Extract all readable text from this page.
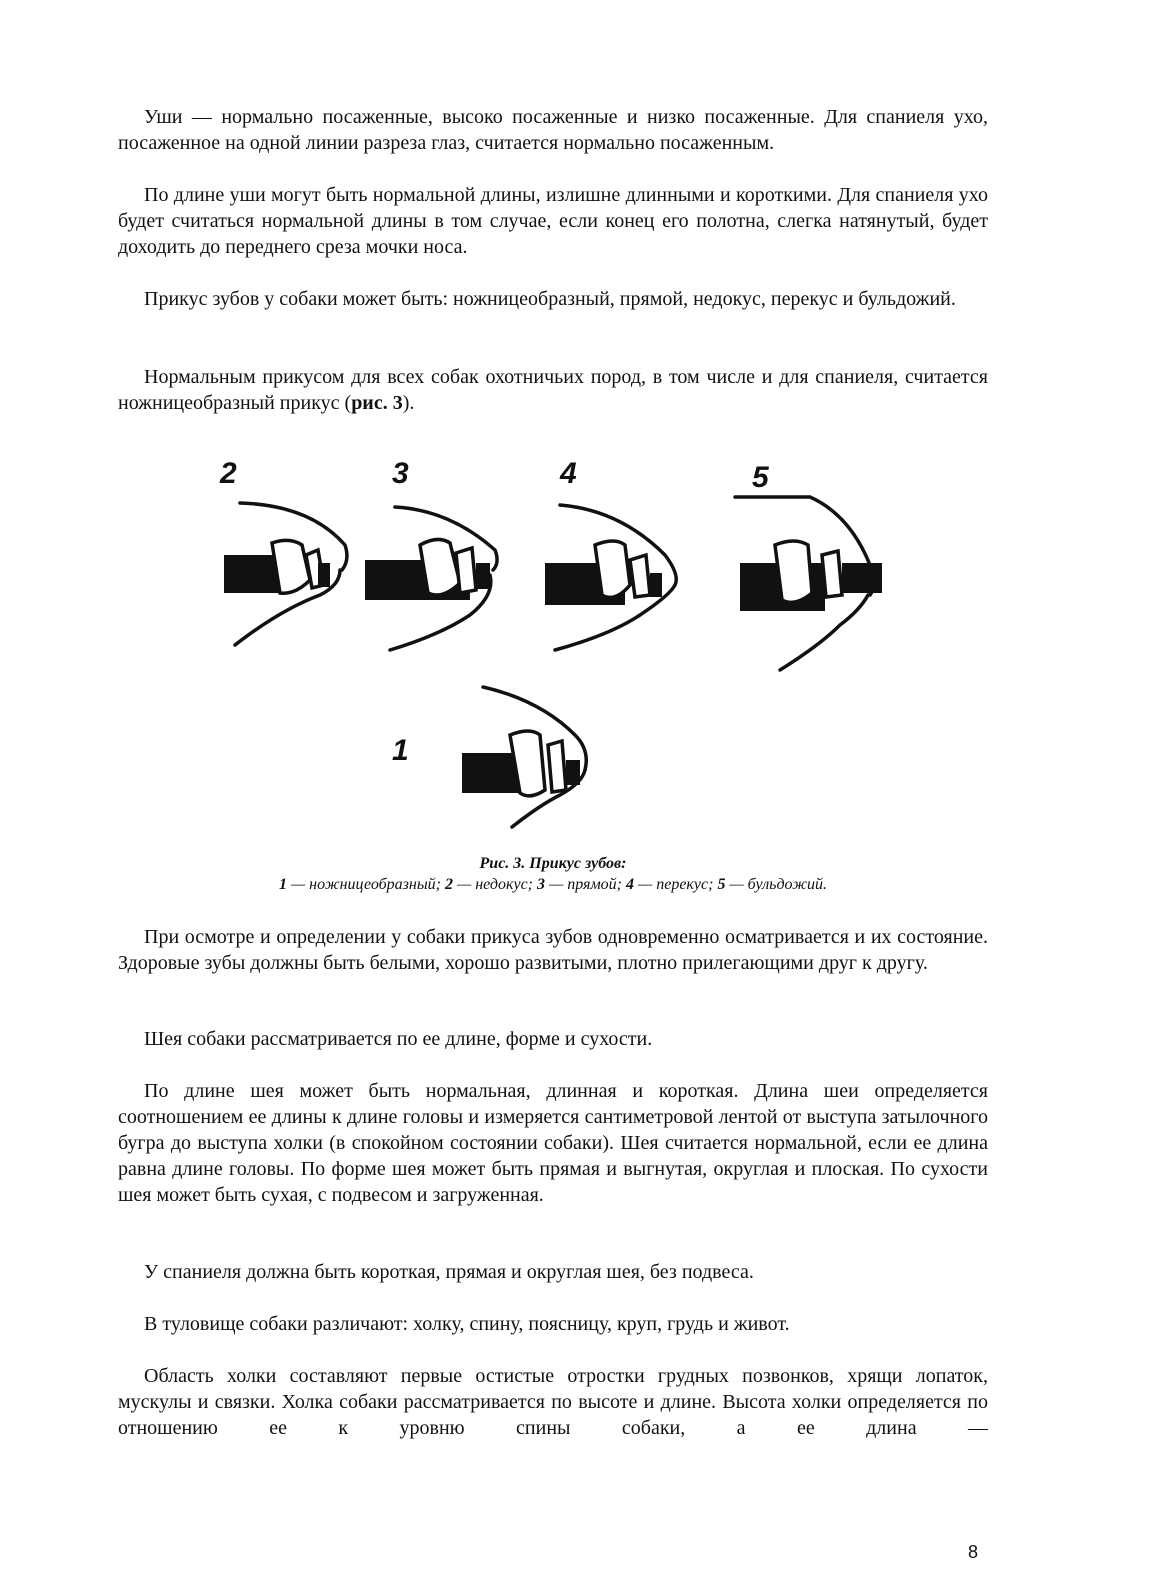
Уши — нормально посаженные, высоко посаженные и низко посаженные. Для спаниеля ухо, посаженное на одной линии разреза глаз, считается нормально посаженным.

По длине уши могут быть нормальной длины, излишне длинными и короткими. Для спаниеля ухо будет считаться нормальной длины в том случае, если конец его полотна, слегка натянутый, будет доходить до переднего среза мочки носа.

Прикус зубов у собаки может быть: ножницеобразный, прямой, недокус, перекус и бульдожий.

Нормальным прикусом для всех собак охотничьих пород, в том числе и для спаниеля, считается ножницеобразный прикус (рис. 3).

2	3	4	5
1
Рис. 3. Прикус зубов:
1 — ножницеобразный; 2 — недокус; 3 — прямой; 4 — перекус; 5 — бульдожий.

При осмотре и определении у собаки прикуса зубов одновременно осматривается и их состояние. Здоровые зубы должны быть белыми, хорошо развитыми, плотно прилегающими друг к другу.

Шея собаки рассматривается по ее длине, форме и сухости.

По длине шея может быть нормальная, длинная и короткая. Длина шеи определяется соотношением ее длины к длине головы и измеряется сантиметровой лентой от выступа затылочного бугра до выступа холки (в спокойном состоянии собаки). Шея считается нормальной, если ее длина равна длине головы. По форме шея может быть прямая и выгнутая, округлая и плоская. По сухости шея может быть сухая, с подвесом и загруженная.

У спаниеля должна быть короткая, прямая и округлая шея, без подвеса.

В туловище собаки различают: холку, спину, поясницу, круп, грудь и живот.

Область холки составляют первые остистые отростки грудных позвонков, хрящи лопаток, мускулы и связки. Холка собаки рассматривается по высоте и длине. Высота холки определяется по отношению ее к уровню спины собаки, а ее длина —

8
